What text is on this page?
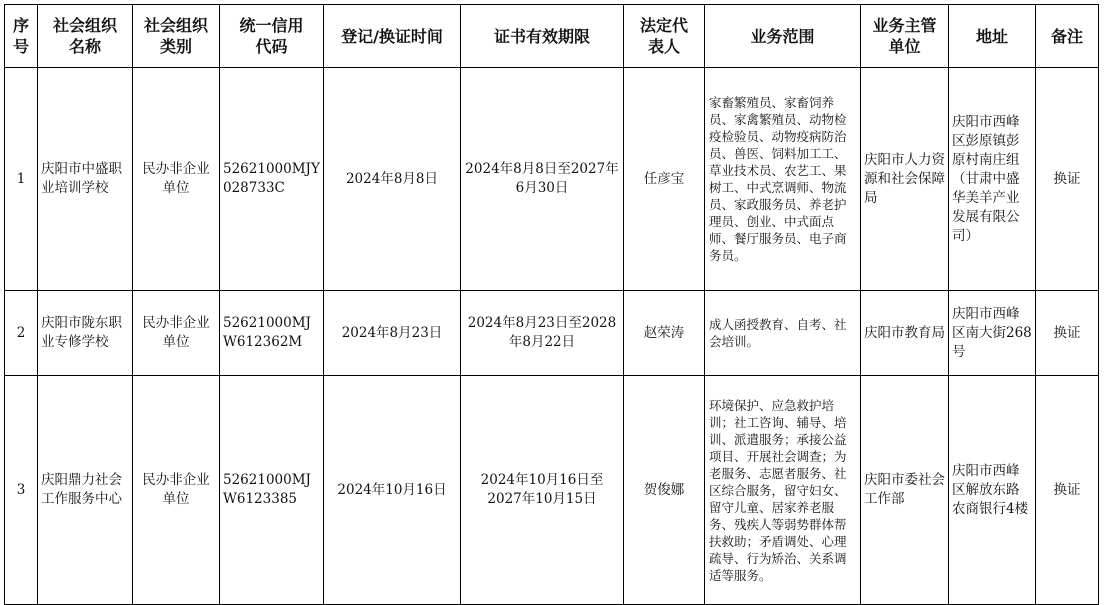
序号	社会组织名称	社会组织类别	统一信用代码	登记/换证时间	证书有效期限	法定代表人	业务范围	业务主管单位	地址	备注
1	庆阳市中盛职业培训学校	民办非企业单位	52621000MJY028733C	2024年8月8日	2024年8月8日至2027年6月30日	任彦宝	家畜繁殖员、家畜饲养员、家禽繁殖员、动物检疫检验员、动物疫病防治员、兽医、饲料加工工、草业技术员、农艺工、果树工、中式烹调师、物流员、家政服务员、养老护理员、创业、中式面点师、餐厅服务员、电子商务员。	庆阳市人力资源和社会保障局	庆阳市西峰区彭原镇彭原村南庄组（甘肃中盛华美羊产业发展有限公司）	换证
2	庆阳市陇东职业专修学校	民办非企业单位	52621000MJW612362M	2024年8月23日	2024年8月23日至2028年8月22日	赵荣涛	成人函授教育、自考、社会培训。	庆阳市教育局	庆阳市西峰区南大街268号	换证
3	庆阳鼎力社会工作服务中心	民办非企业单位	52621000MJW6123385	2024年10月16日	2024年10月16日至2027年10月15日	贺俊娜	环境保护、应急救护培训；社工咨询、辅导、培训、派遣服务；承接公益项目、开展社会调查；为老服务、志愿者服务、社区综合服务，留守妇女、留守儿童、居家养老服务、残疾人等弱势群体帮扶救助；矛盾调处、心理疏导、行为矫治、关系调适等服务。	庆阳市委社会工作部	庆阳市西峰区解放东路农商银行4楼	换证
